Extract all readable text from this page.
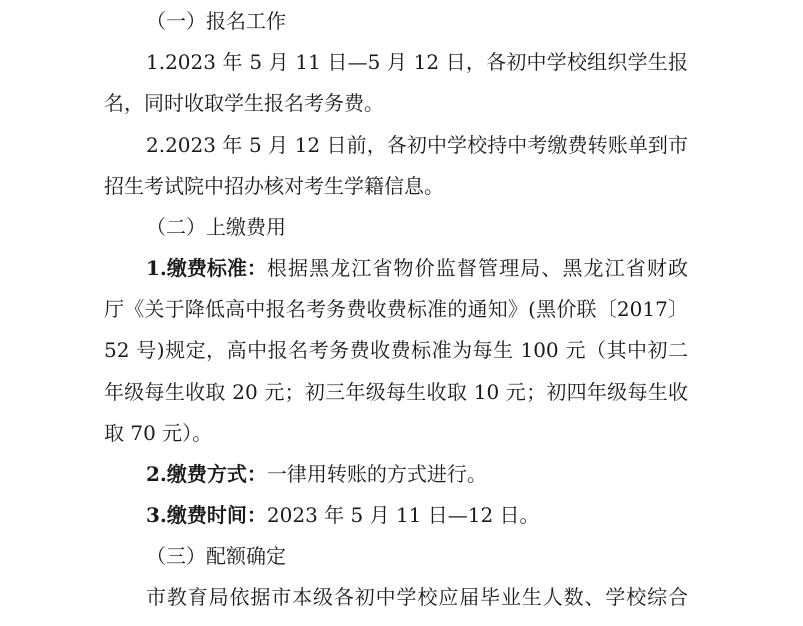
（一）报名工作
1.2023 年 5 月 11 日—5 月 12 日，各初中学校组织学生报
名，同时收取学生报名考务费。
2.2023 年 5 月 12 日前，各初中学校持中考缴费转账单到市
招生考试院中招办核对考生学籍信息。
（二）上缴费用
1.缴费标准： 根据黑龙江省物价监督管理局、黑龙江省财政
厅《关于降低高中报名考务费收费标准的通知》(黑价联〔2017〕
52 号)规定，高中报名考务费收费标准为每生 100 元（其中初二
年级每生收取 20 元；初三年级每生收取 10 元；初四年级每生收
取 70 元）。
2.缴费方式：一律用转账的方式进行。
3.缴费时间：2023 年 5 月 11 日—12 日。
（三）配额确定
市教育局依据市本级各初中学校应届毕业生人数、学校综合
